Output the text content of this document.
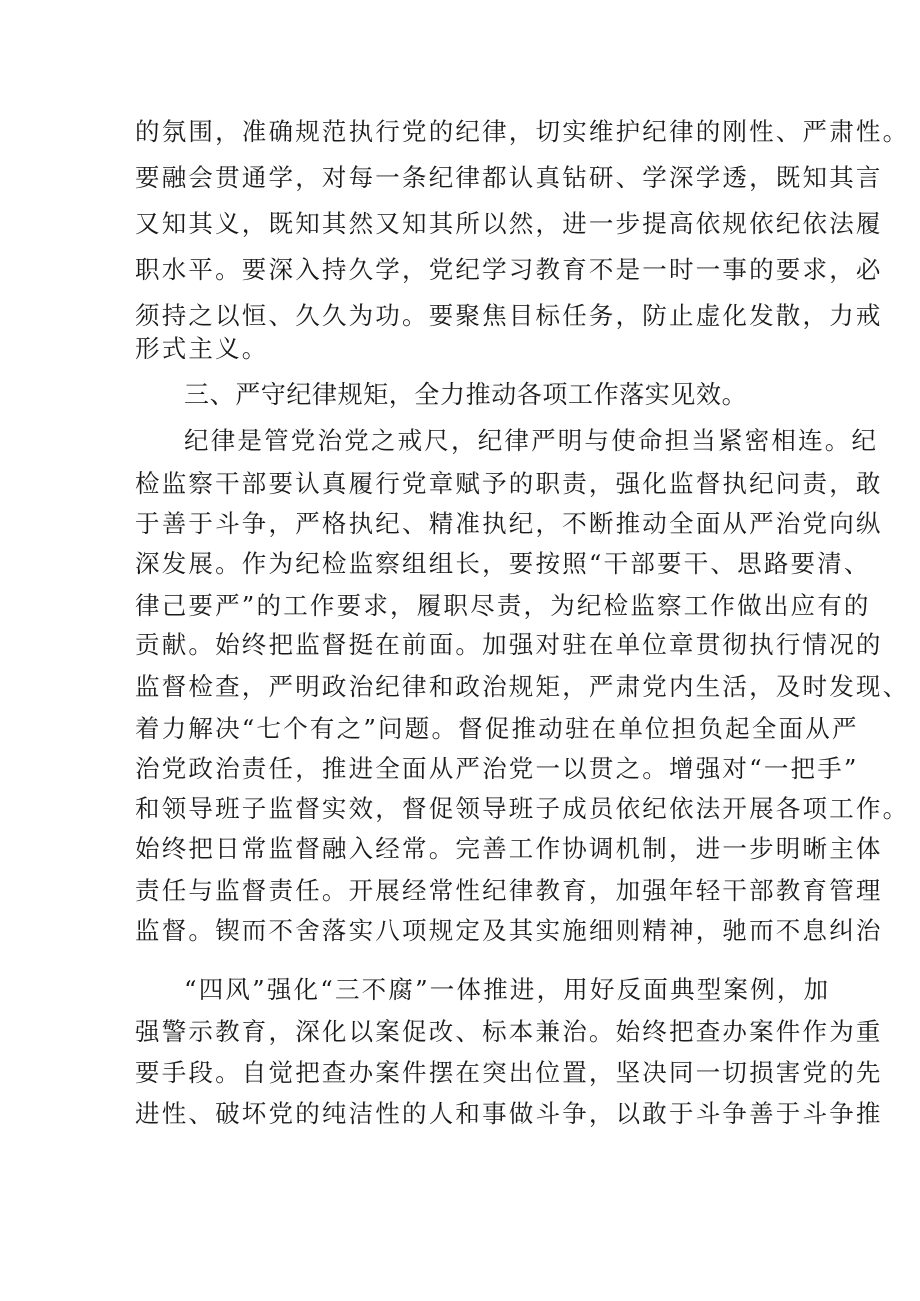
的氛围，准确规范执行党的纪律，切实维护纪律的刚性、严肃性。
要融会贯通学，对每一条纪律都认真钻研、学深学透，既知其言
又知其义，既知其然又知其所以然，进一步提高依规依纪依法履
职水平。要深入持久学，党纪学习教育不是一时一事的要求，必
须持之以恒、久久为功。要聚焦目标任务，防止虚化发散，力戒
形式主义。
三、严守纪律规矩，全力推动各项工作落实见效。
纪律是管党治党之戒尺，纪律严明与使命担当紧密相连。纪
检监察干部要认真履行党章赋予的职责，强化监督执纪问责，敢
于善于斗争，严格执纪、精准执纪，不断推动全面从严治党向纵
深发展。作为纪检监察组组长，要按照“干部要干、思路要清、
律己要严”的工作要求，履职尽责，为纪检监察工作做出应有的
贡献。始终把监督挺在前面。加强对驻在单位章贯彻执行情况的
监督检查，严明政治纪律和政治规矩，严肃党内生活，及时发现、
着力解决“七个有之”问题。督促推动驻在单位担负起全面从严
治党政治责任，推进全面从严治党一以贯之。增强对“一把手”
和领导班子监督实效，督促领导班子成员依纪依法开展各项工作。
始终把日常监督融入经常。完善工作协调机制，进一步明晰主体
责任与监督责任。开展经常性纪律教育，加强年轻干部教育管理
监督。锲而不舍落实八项规定及其实施细则精神，驰而不息纠治
“四风”强化“三不腐”一体推进，用好反面典型案例，加
强警示教育，深化以案促改、标本兼治。始终把查办案件作为重
要手段。自觉把查办案件摆在突出位置，坚决同一切损害党的先
进性、破坏党的纯洁性的人和事做斗争，以敢于斗争善于斗争推
